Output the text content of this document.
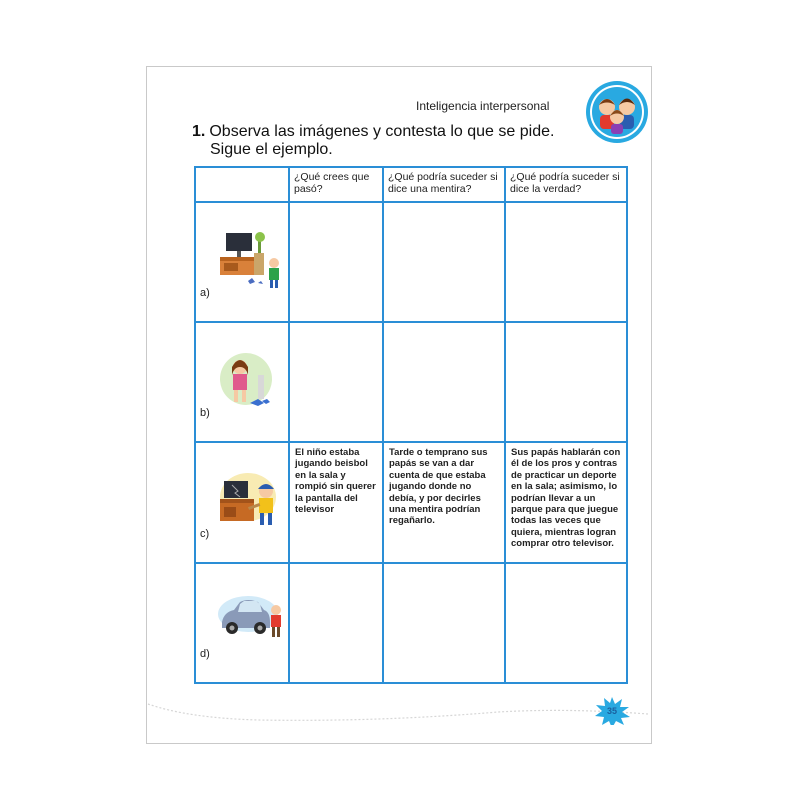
Inteligencia interpersonal
1. Observa las imágenes y contesta lo que se pide.
Sigue el ejemplo.
	¿Qué crees que pasó?	¿Qué podría suceder si dice una mentira?	¿Qué podría suceder si dice la verdad?

a)			

b)			

c)	El niño estaba jugando beisbol en la sala y rompió sin querer la pantalla del televisor	Tarde o temprano sus papás se van a dar cuenta de que estaba jugando donde no debía, y por decirles una mentira podrían regañarlo.	Sus papás hablarán con él de los pros y contras de practicar un deporte en la sala; asimismo, lo podrían llevar a un parque para que juegue todas las veces que quiera, mientras logran comprar otro televisor.

d)			

35
